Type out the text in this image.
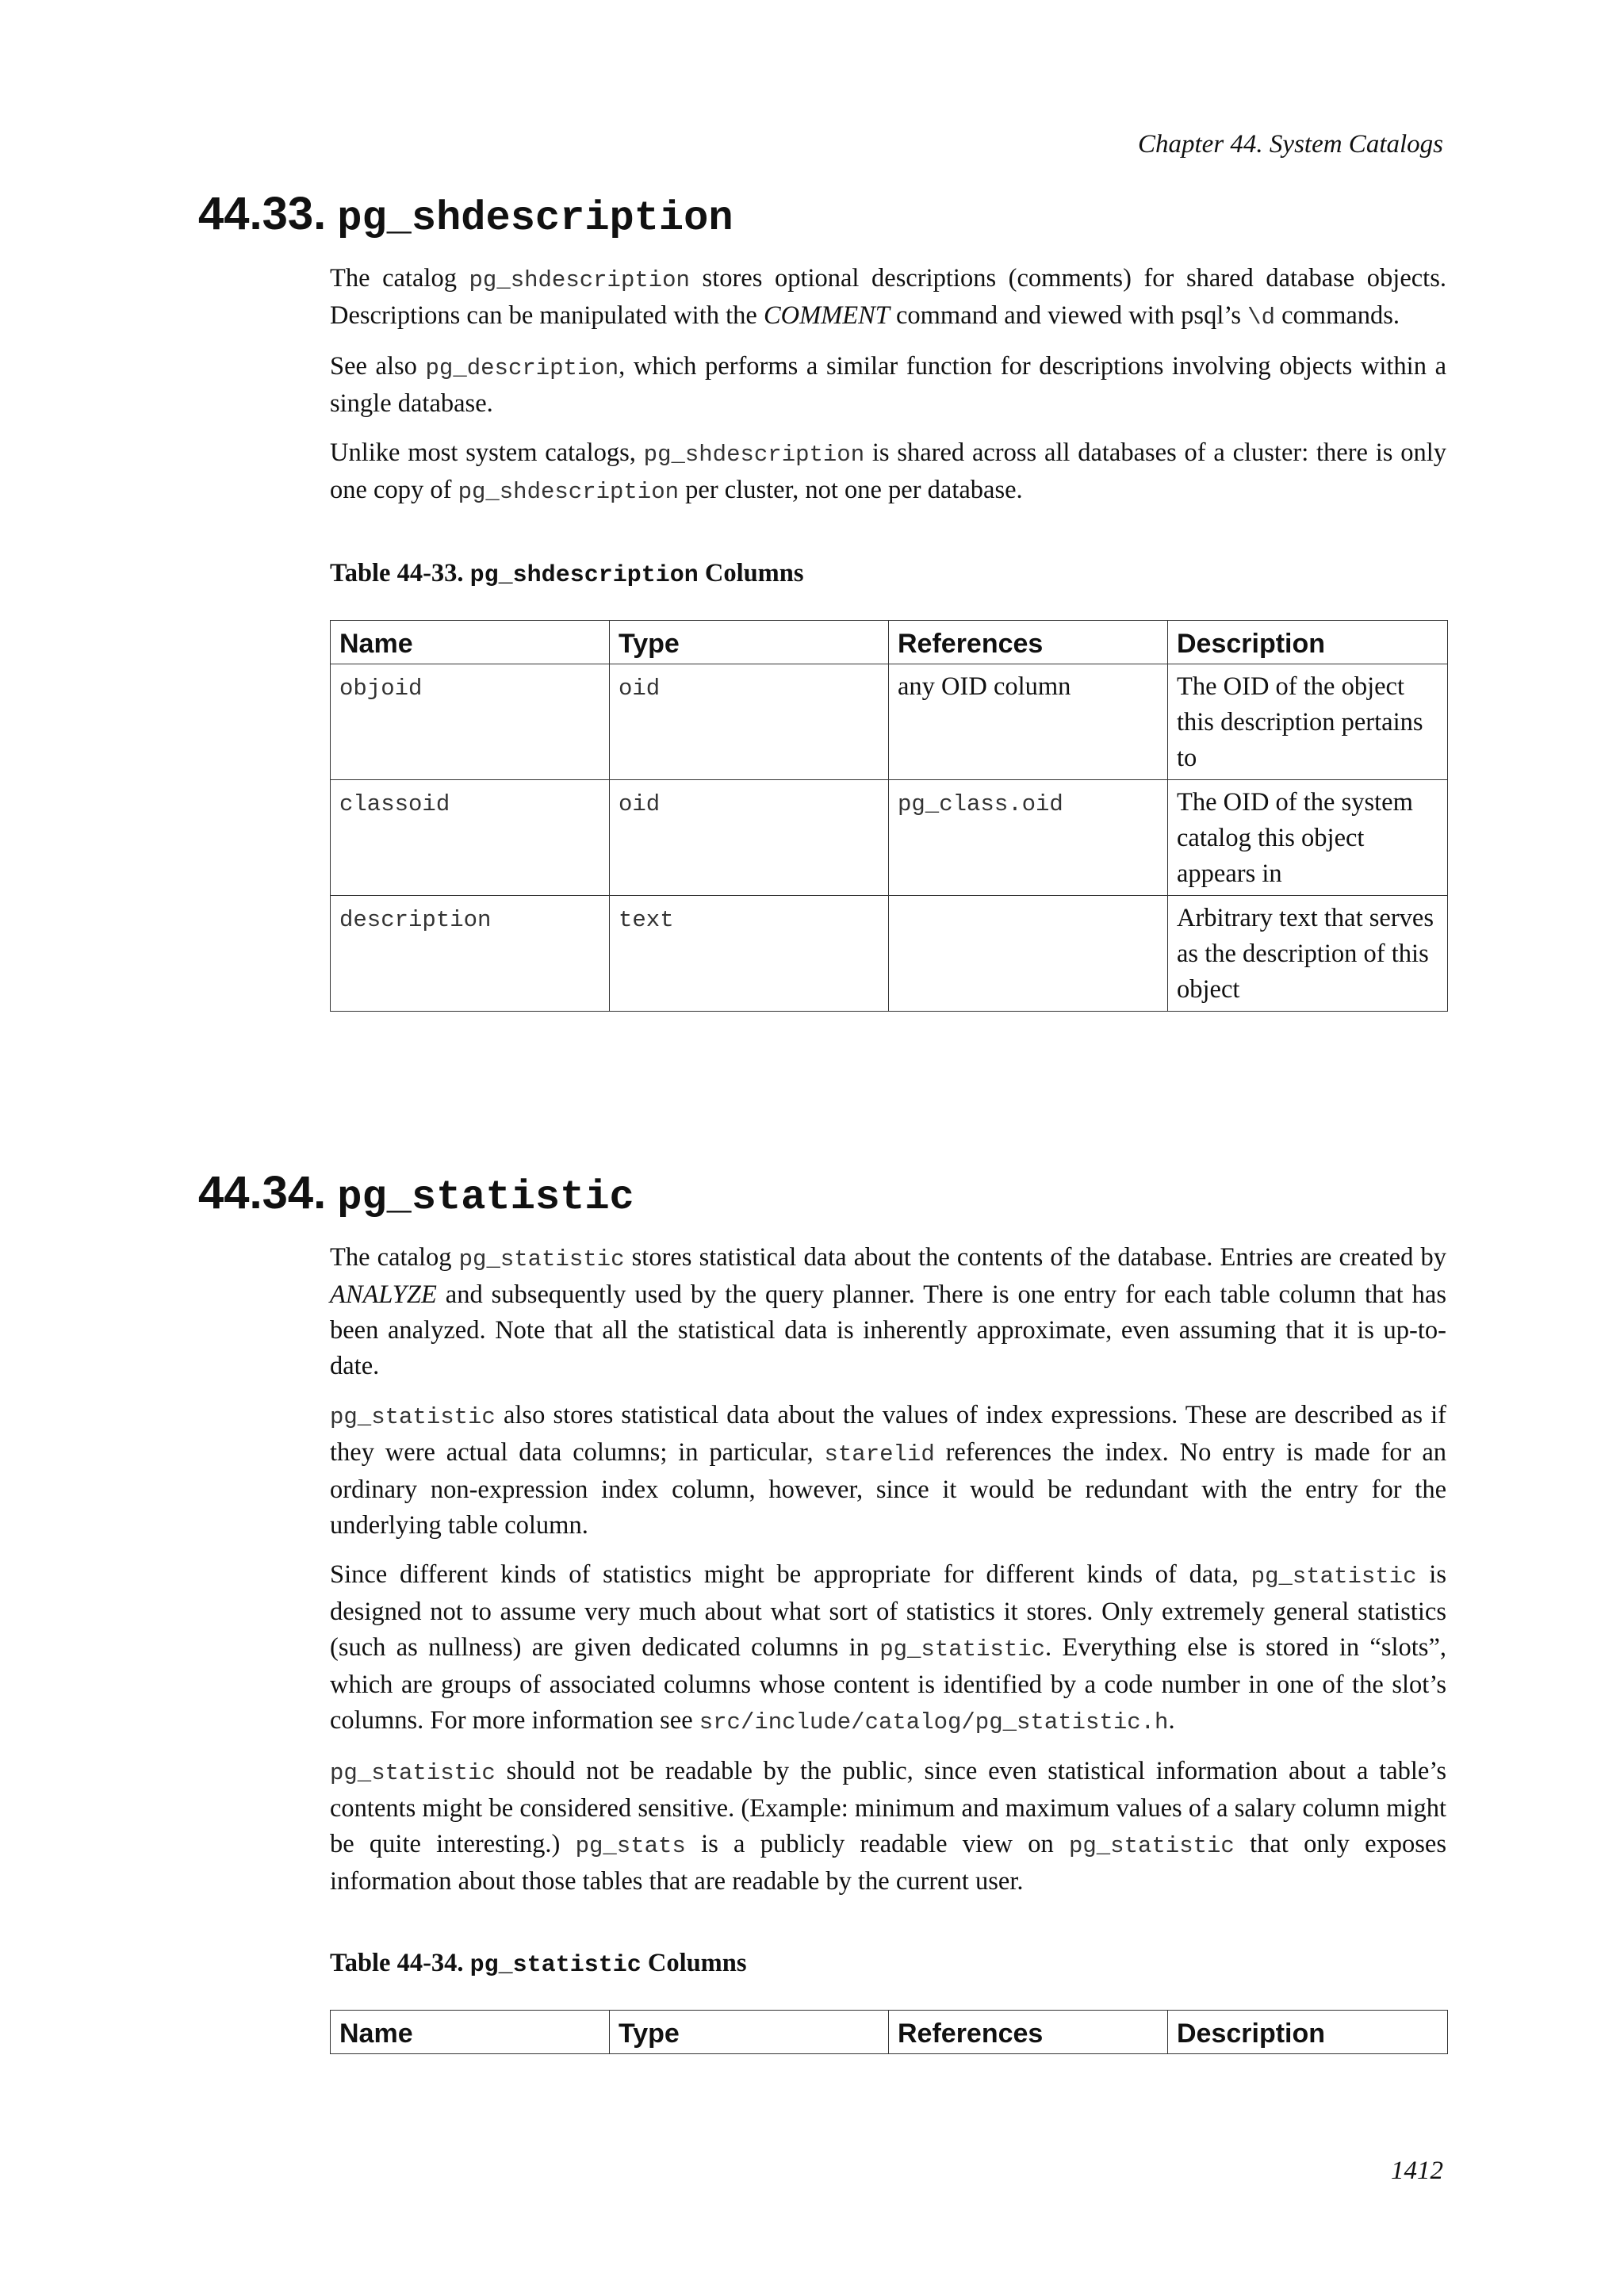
Chapter 44. System Catalogs
44.33. pg_shdescription

The catalog pg_shdescription stores optional descriptions (comments) for shared database objects. Descriptions can be manipulated with the COMMENT command and viewed with psql’s \d commands.

See also pg_description, which performs a similar function for descriptions involving objects within a single database.

Unlike most system catalogs, pg_shdescription is shared across all databases of a cluster: there is only one copy of pg_shdescription per cluster, not one per database.

Table 44-33. pg_shdescription Columns
Name	Type	References	Description
objoid	oid	any OID column	The OID of the object this description pertains to
classoid	oid	pg_class.oid	The OID of the system catalog this object appears in
description	text		Arbitrary text that serves as the description of this object
44.34. pg_statistic

The catalog pg_statistic stores statistical data about the contents of the database. Entries are created by ANALYZE and subsequently used by the query planner. There is one entry for each table column that has been analyzed. Note that all the statistical data is inherently approximate, even assuming that it is up-to-date.

pg_statistic also stores statistical data about the values of index expressions. These are described as if they were actual data columns; in particular, starelid references the index. No entry is made for an ordinary non-expression index column, however, since it would be redundant with the entry for the underlying table column.

Since different kinds of statistics might be appropriate for different kinds of data, pg_statistic is designed not to assume very much about what sort of statistics it stores. Only extremely general statistics (such as nullness) are given dedicated columns in pg_statistic. Everything else is stored in “slots”, which are groups of associated columns whose content is identified by a code number in one of the slot’s columns. For more information see src/include/catalog/pg_statistic.h.

pg_statistic should not be readable by the public, since even statistical information about a table’s contents might be considered sensitive. (Example: minimum and maximum values of a salary column might be quite interesting.) pg_stats is a publicly readable view on pg_statistic that only exposes information about those tables that are readable by the current user.

Table 44-34. pg_statistic Columns
Name	Type	References	Description
1412
